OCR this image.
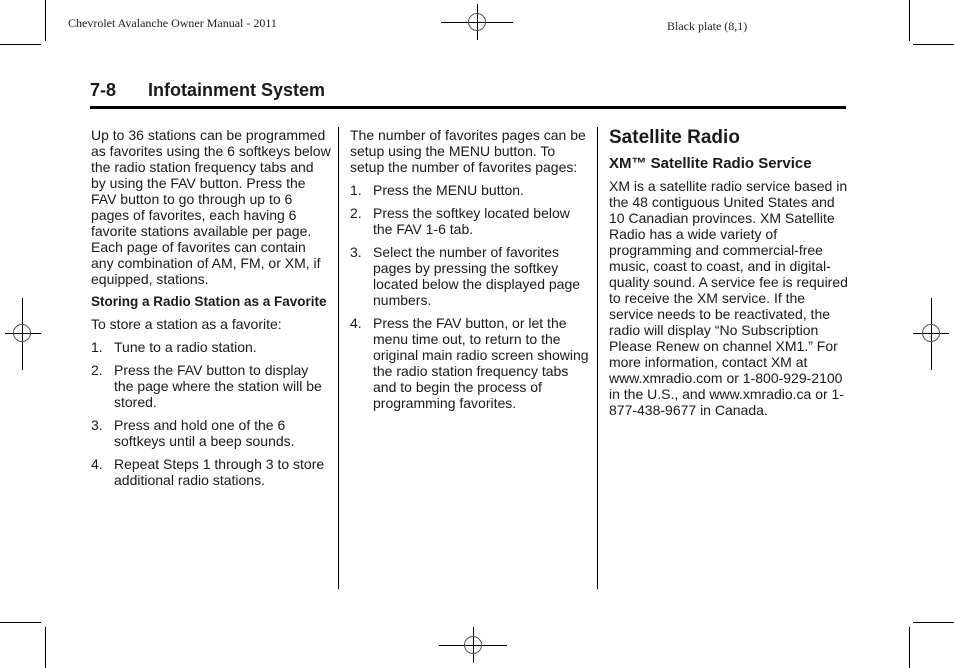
Chevrolet Avalanche Owner Manual - 2011	Black plate (8,1)
7-8 Infotainment System

Up to 36 stations can be programmed as favorites using the 6 softkeys below the radio station frequency tabs and by using the FAV button. Press the FAV button to go through up to 6 pages of favorites, each having 6 favorite stations available per page. Each page of favorites can contain any combination of AM, FM, or XM, if equipped, stations.

Storing a Radio Station as a Favorite

To store a station as a favorite:

1. Tune to a radio station.
2. Press the FAV button to display the page where the station will be stored.
3. Press and hold one of the 6 softkeys until a beep sounds.
4. Repeat Steps 1 through 3 to store additional radio stations.

The number of favorites pages can be setup using the MENU button. To setup the number of favorites pages:

1. Press the MENU button.
2. Press the softkey located below the FAV 1-6 tab.
3. Select the number of favorites pages by pressing the softkey located below the displayed page numbers.
4. Press the FAV button, or let the menu time out, to return to the original main radio screen showing the radio station frequency tabs and to begin the process of programming favorites.
Satellite Radio
XM™ Satellite Radio Service

XM is a satellite radio service based in the 48 contiguous United States and 10 Canadian provinces. XM Satellite Radio has a wide variety of programming and commercial-free music, coast to coast, and in digital-quality sound. A service fee is required to receive the XM service. If the service needs to be reactivated, the radio will display “No Subscription Please Renew on channel XM1.” For more information, contact XM at www.xmradio.com or 1-800-929-2100 in the U.S., and www.xmradio.ca or 1-877-438-9677 in Canada.
